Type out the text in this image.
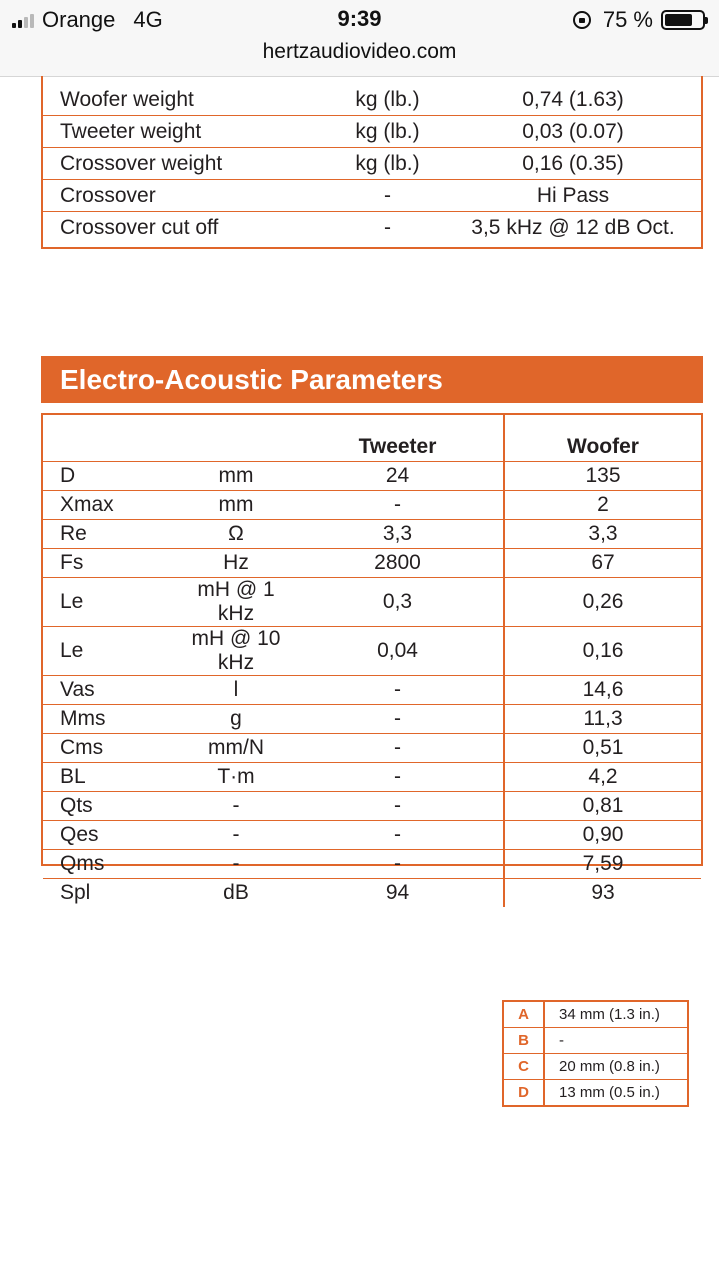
Orange 4G	9:39	75 %
hertzaudiovideo.com
Woofer weight	kg (lb.)	0,74 (1.63)
Tweeter weight	kg (lb.)	0,03 (0.07)
Crossover weight	kg (lb.)	0,16 (0.35)
Crossover	-	Hi Pass
Crossover cut off	-	3,5 kHz @ 12 dB Oct.
Electro-Acoustic Parameters
		Tweeter	Woofer
D	mm	24	135
Xmax	mm	-	2
Re	Ω	3,3	3,3
Fs	Hz	2800	67
Le	mH @ 1 kHz	0,3	0,26
Le	mH @ 10 kHz	0,04	0,16
Vas	l	-	14,6
Mms	g	-	11,3
Cms	mm/N	-	0,51
BL	T·m	-	4,2
Qts	-	-	0,81
Qes	-	-	0,90
Qms	-	-	7,59
Spl	dB	94	93
A	34 mm (1.3 in.)
B	-
C	20 mm (0.8 in.)
D	13 mm (0.5 in.)
